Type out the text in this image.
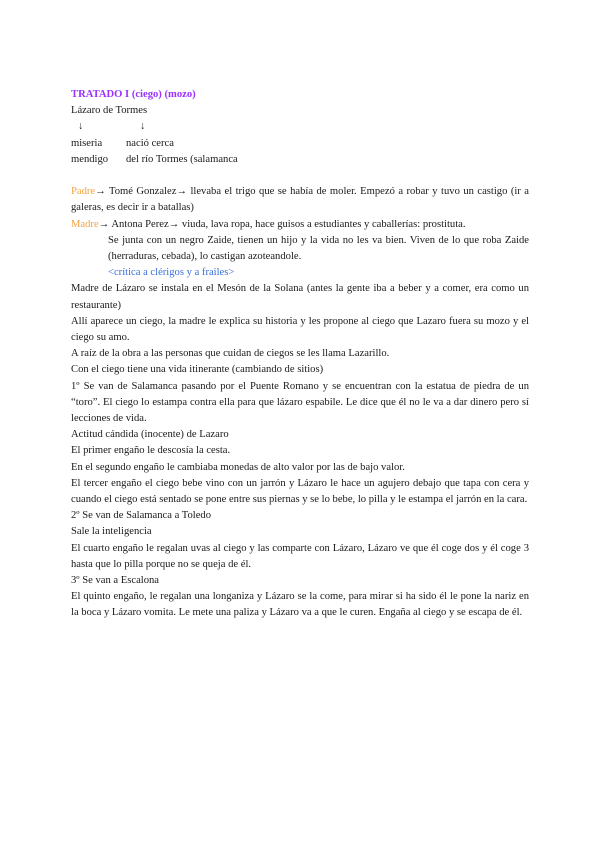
TRATADO I (ciego) (mozo)

Lázaro de Tormes

↓	↓
miseria	nació cerca
mendigo	del río Tormes (salamanca

Padre→ Tomé Gonzalez→ llevaba el trigo que se había de moler. Empezó a robar y tuvo un castigo (ir a galeras, es decir ir a batallas)

Madre→ Antona Perez→ viuda, lava ropa, hace guisos a estudiantes y caballerías: prostituta.

Se junta con un negro Zaide, tienen un hijo y la vida no les va bien. Viven de lo que roba Zaide (herraduras, cebada), lo castigan azoteandole.

<crítica a clérigos y a frailes>

Madre de Lázaro se instala en el Mesón de la Solana (antes la gente iba a beber y a comer, era como un restaurante)

Allí aparece un ciego, la madre le explica su historia y les propone al ciego que Lazaro fuera su mozo y el ciego su amo.

A raíz de la obra a las personas que cuidan de ciegos se les llama Lazarillo.

Con el ciego tiene una vida itinerante (cambiando de sitios)

1º Se van de Salamanca pasando por el Puente Romano y se encuentran con la estatua de piedra de un “toro”. El ciego lo estampa contra ella para que lázaro espabile. Le dice que él no le va a dar dinero pero sí lecciones de vida.

Actitud cándida (inocente) de Lazaro

El primer engaño le descosía la cesta.

En el segundo engaño le cambiaba monedas de alto valor por las de bajo valor.

El tercer engaño el ciego bebe vino con un jarrón y Lázaro le hace un agujero debajo que tapa con cera y cuando el ciego está sentado se pone entre sus piernas y se lo bebe, lo pilla y le estampa el jarrón en la cara.

2º Se van de Salamanca a Toledo

Sale la inteligencia

El cuarto engaño le regalan uvas al ciego y las comparte con Lázaro, Lázaro ve que él coge dos y él coge 3 hasta que lo pilla porque no se queja de él.

3º Se van a Escalona

El quinto engaño, le regalan una longaniza y Lázaro se la come, para mirar si ha sido él le pone la nariz en la boca y Lázaro vomita. Le mete una paliza y Lázaro va a que le curen. Engaña al ciego y se escapa de él.
